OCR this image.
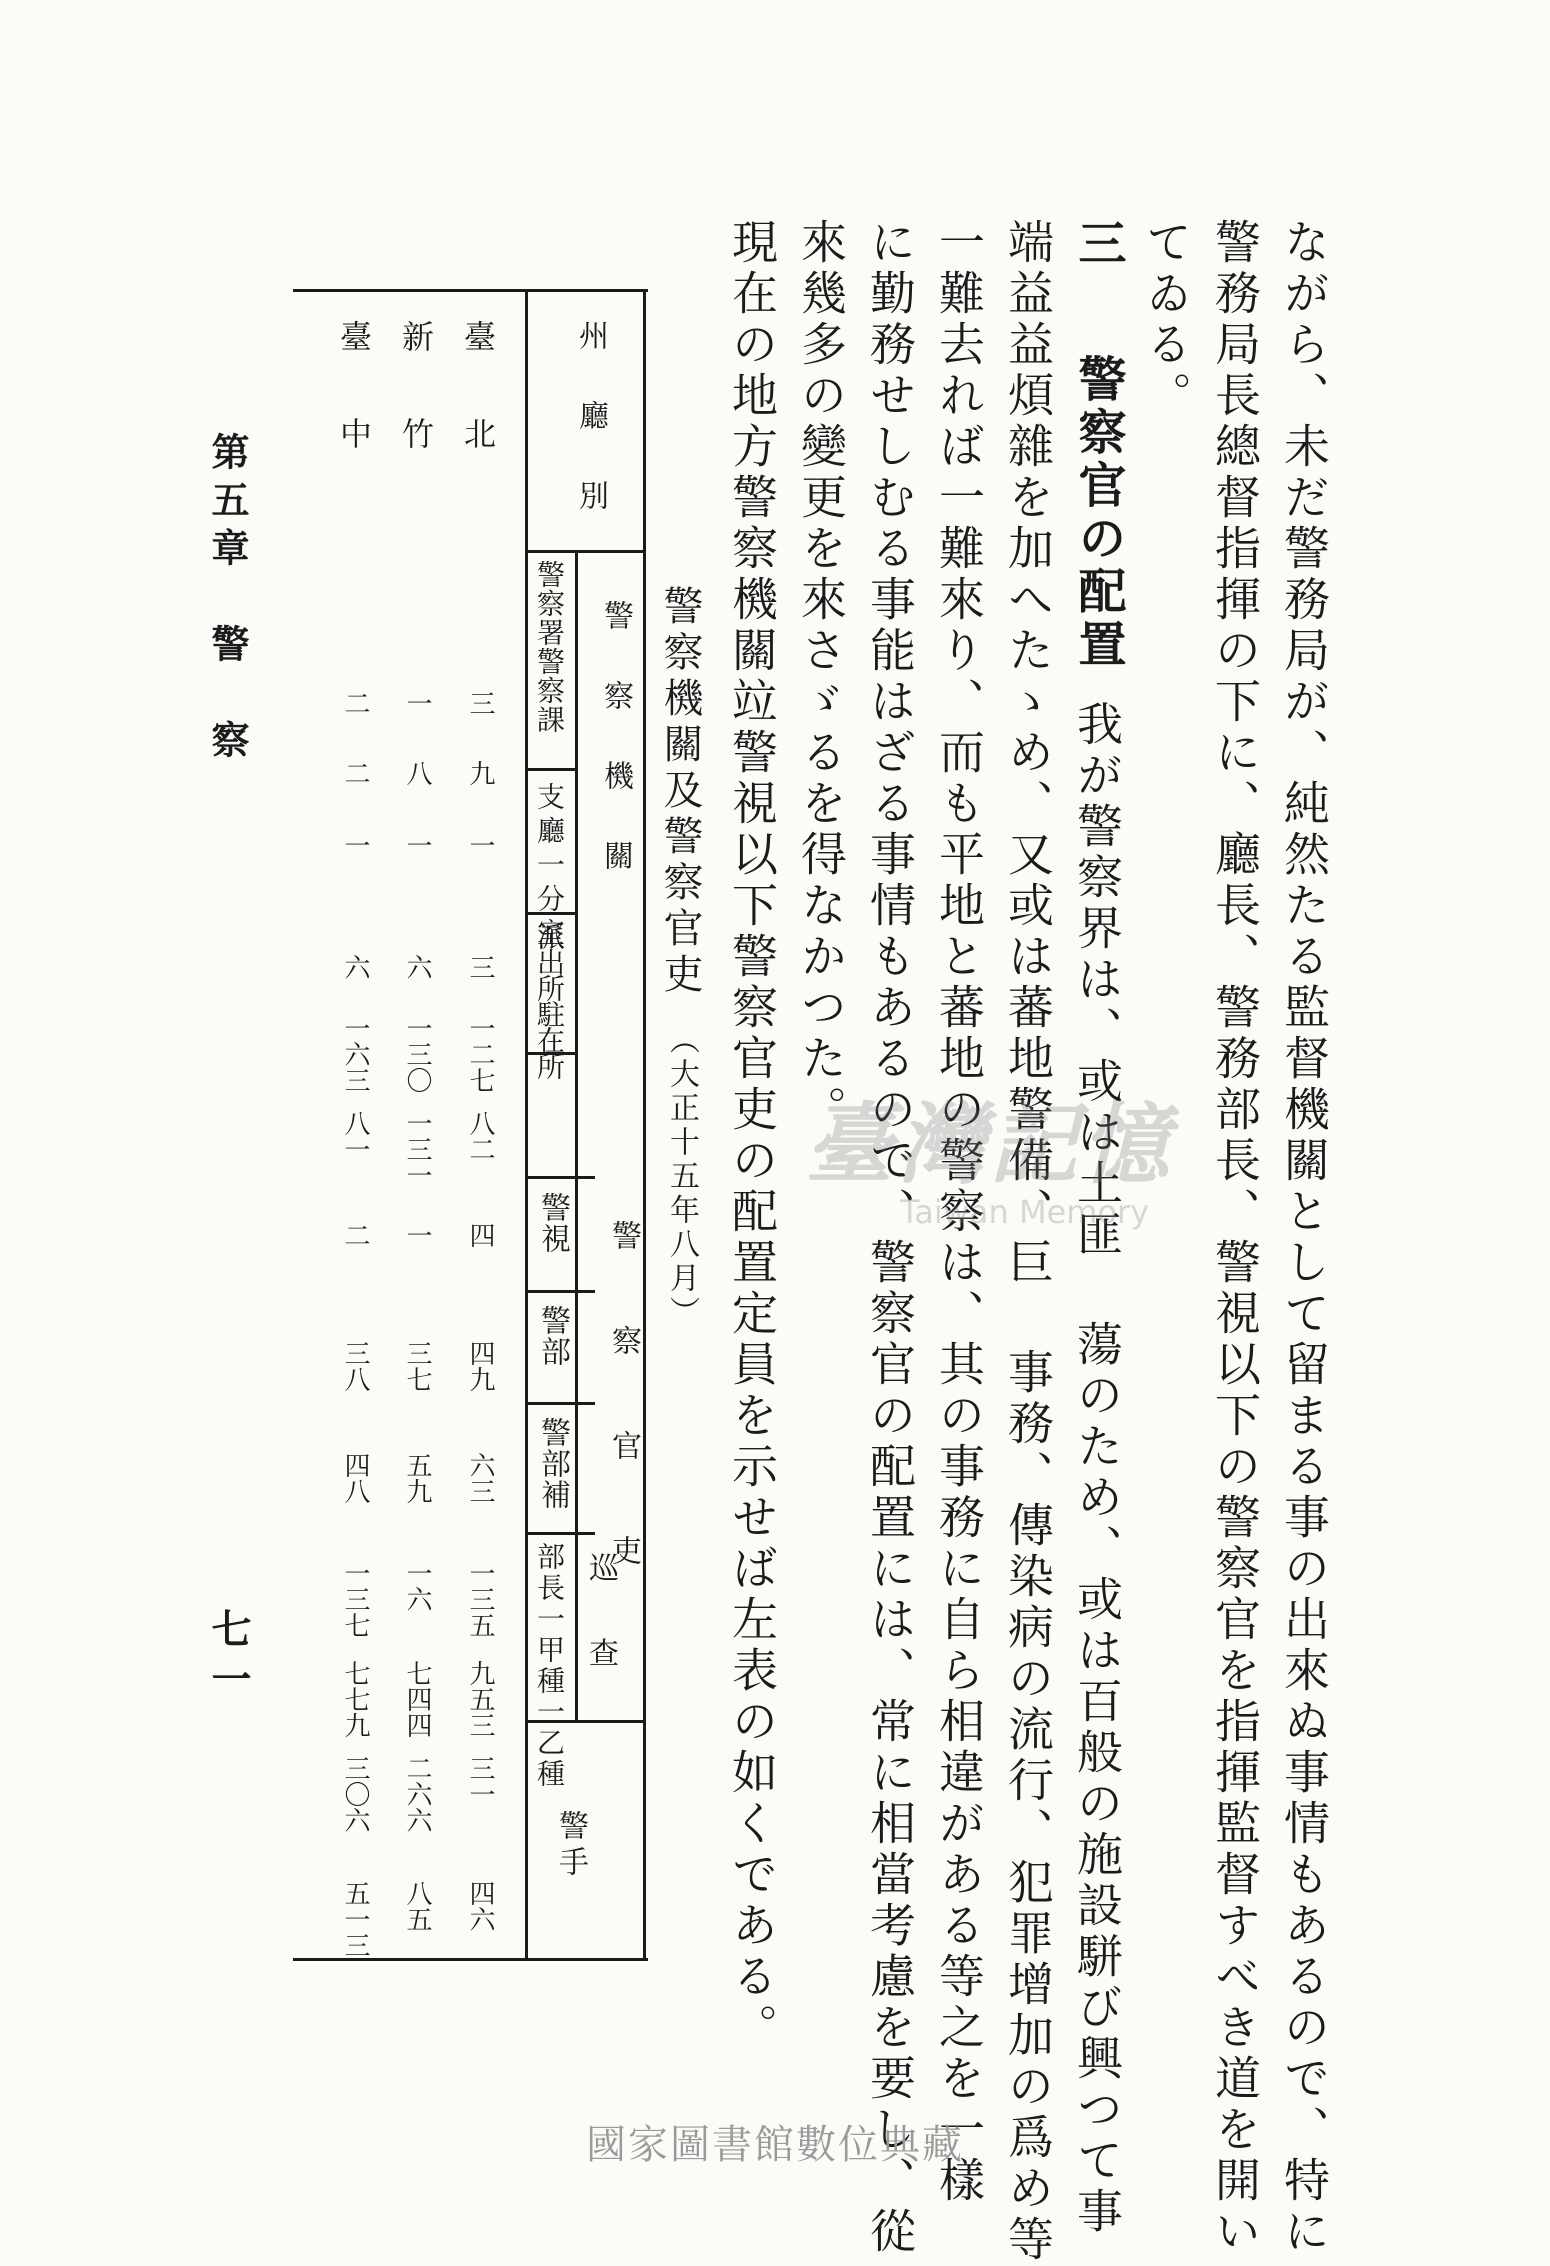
ながら、未だ警務局が、純然たる監督機關として留まる事の出來ぬ事情もあるので、特に
警務局長總督指揮の下に、廳長、警務部長、警視以下の警察官を指揮監督すべき道を開い
てゐる。
三
警察官の配置
我が警察界は、或は土匪 蕩のため、或は百般の施設駢び興つて事
端益益煩雜を加へたゝめ、又或は蕃地警備、巨 事務、傳染病の流行、犯罪增加の爲め等
一難去れば一難來り、而も平地と蕃地の警察は、其の事務に自ら相違がある等之を一樣
に勤務せしむる事能はざる事情もあるので、警察官の配置には、常に相當考慮を要し、從
來幾多の變更を來さゞるを得なかつた。
現在の地方警察機關竝警視以下警察官吏の配置定員を示せば左表の如くである。
警察機關及警察官吏
（大正十五年八月）
州廳別
警察機關
警察官吏
警察署警察課
支廳一分室
派出所駐在所
警視
警部
警部補
巡查
部長一甲種一乙種
警手
臺北
三
九
一
三
一二七
八二
四
四九
六三
一三五
九五三
三一
四六
新竹
一
八
一
六
一三〇
一三一
一
三七
五九
一六
七四四
二六六
八五
臺中
二
二
一
六
一六三
八一
二
三八
四八
一三七
七七九
三〇六
五一三
第五章　警　察
七一
臺灣記憶
Taiwan Memory
國家圖書館數位典藏
